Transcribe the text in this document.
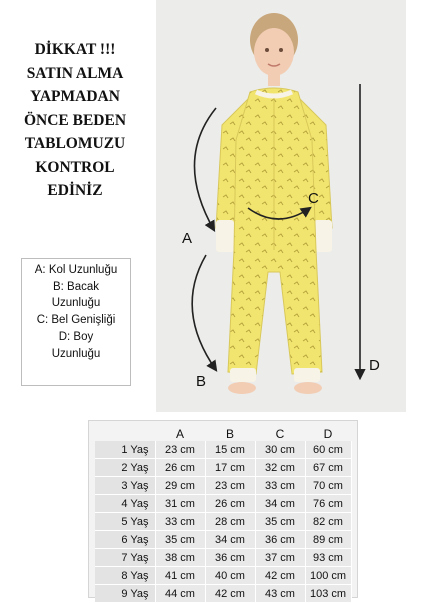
DİKKAT !!!
SATIN ALMA
YAPMADAN
ÖNCE BEDEN
TABLOMUZU
KONTROL
EDİNİZ
A
B
C
D
A: Kol Uzunluğu
B: Bacak
Uzunluğu
C: Bel Genişliği
D: Boy
Uzunluğu
	A	B	C	D
1 Yaş	23 cm	15 cm	30 cm	60 cm
2 Yaş	26 cm	17 cm	32 cm	67 cm
3 Yaş	29 cm	23 cm	33 cm	70 cm
4 Yaş	31 cm	26 cm	34 cm	76 cm
5 Yaş	33 cm	28 cm	35 cm	82 cm
6 Yaş	35 cm	34 cm	36 cm	89 cm
7 Yaş	38 cm	36 cm	37 cm	93 cm
8 Yaş	41 cm	40 cm	42 cm	100 cm
9 Yaş	44 cm	42 cm	43 cm	103 cm
